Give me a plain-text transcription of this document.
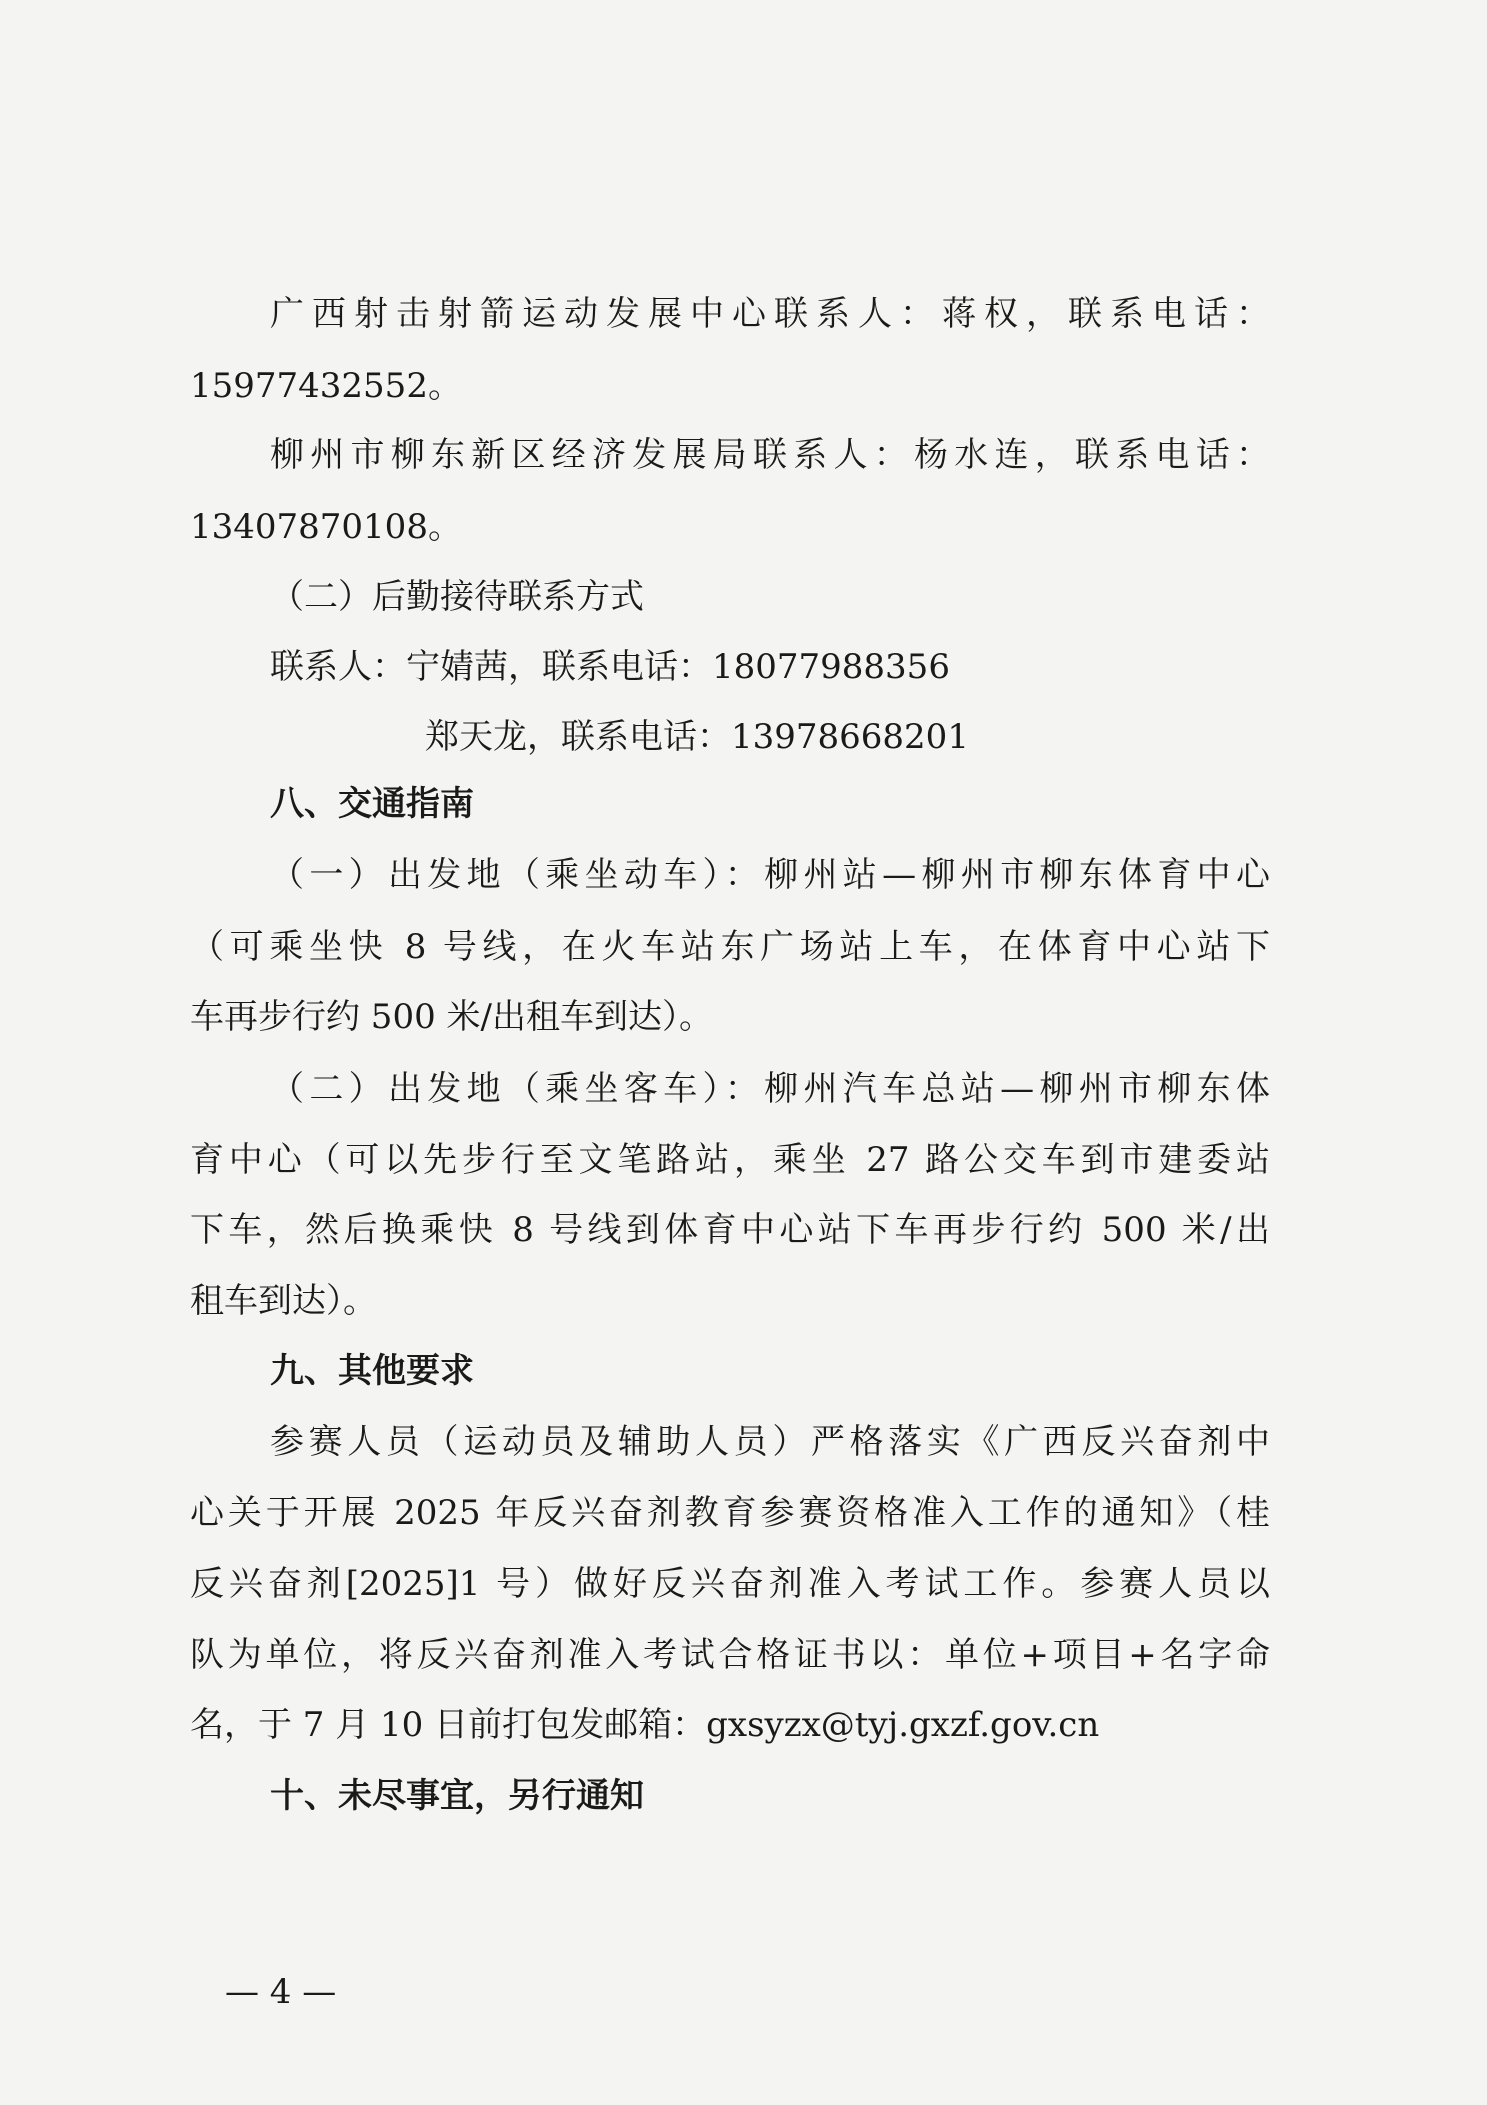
广西射击射箭运动发展中心联系人：蒋权，联系电话：
15977432552。
柳州市柳东新区经济发展局联系人：杨水连，联系电话：
13407870108。
（二）后勤接待联系方式
联系人：宁婧茜，联系电话：18077988356
郑天龙，联系电话：13978668201
八、交通指南
（一）出发地（乘坐动车）：柳州站—柳州市柳东体育中心
（可乘坐快 8 号线，在火车站东广场站上车，在体育中心站下
车再步行约 500 米/出租车到达）。
（二）出发地（乘坐客车）：柳州汽车总站—柳州市柳东体
育中心（可以先步行至文笔路站，乘坐 27 路公交车到市建委站
下车，然后换乘快 8 号线到体育中心站下车再步行约 500 米/出
租车到达）。
九、其他要求
参赛人员（运动员及辅助人员）严格落实《广西反兴奋剂中
心关于开展 2025 年反兴奋剂教育参赛资格准入工作的通知》（桂
反兴奋剂[2025]1 号）做好反兴奋剂准入考试工作。参赛人员以
队为单位，将反兴奋剂准入考试合格证书以：单位+项目+名字命
名，于 7 月 10 日前打包发邮箱：gxsyzx@tyj.gxzf.gov.cn
十、未尽事宜，另行通知
— 4 —
